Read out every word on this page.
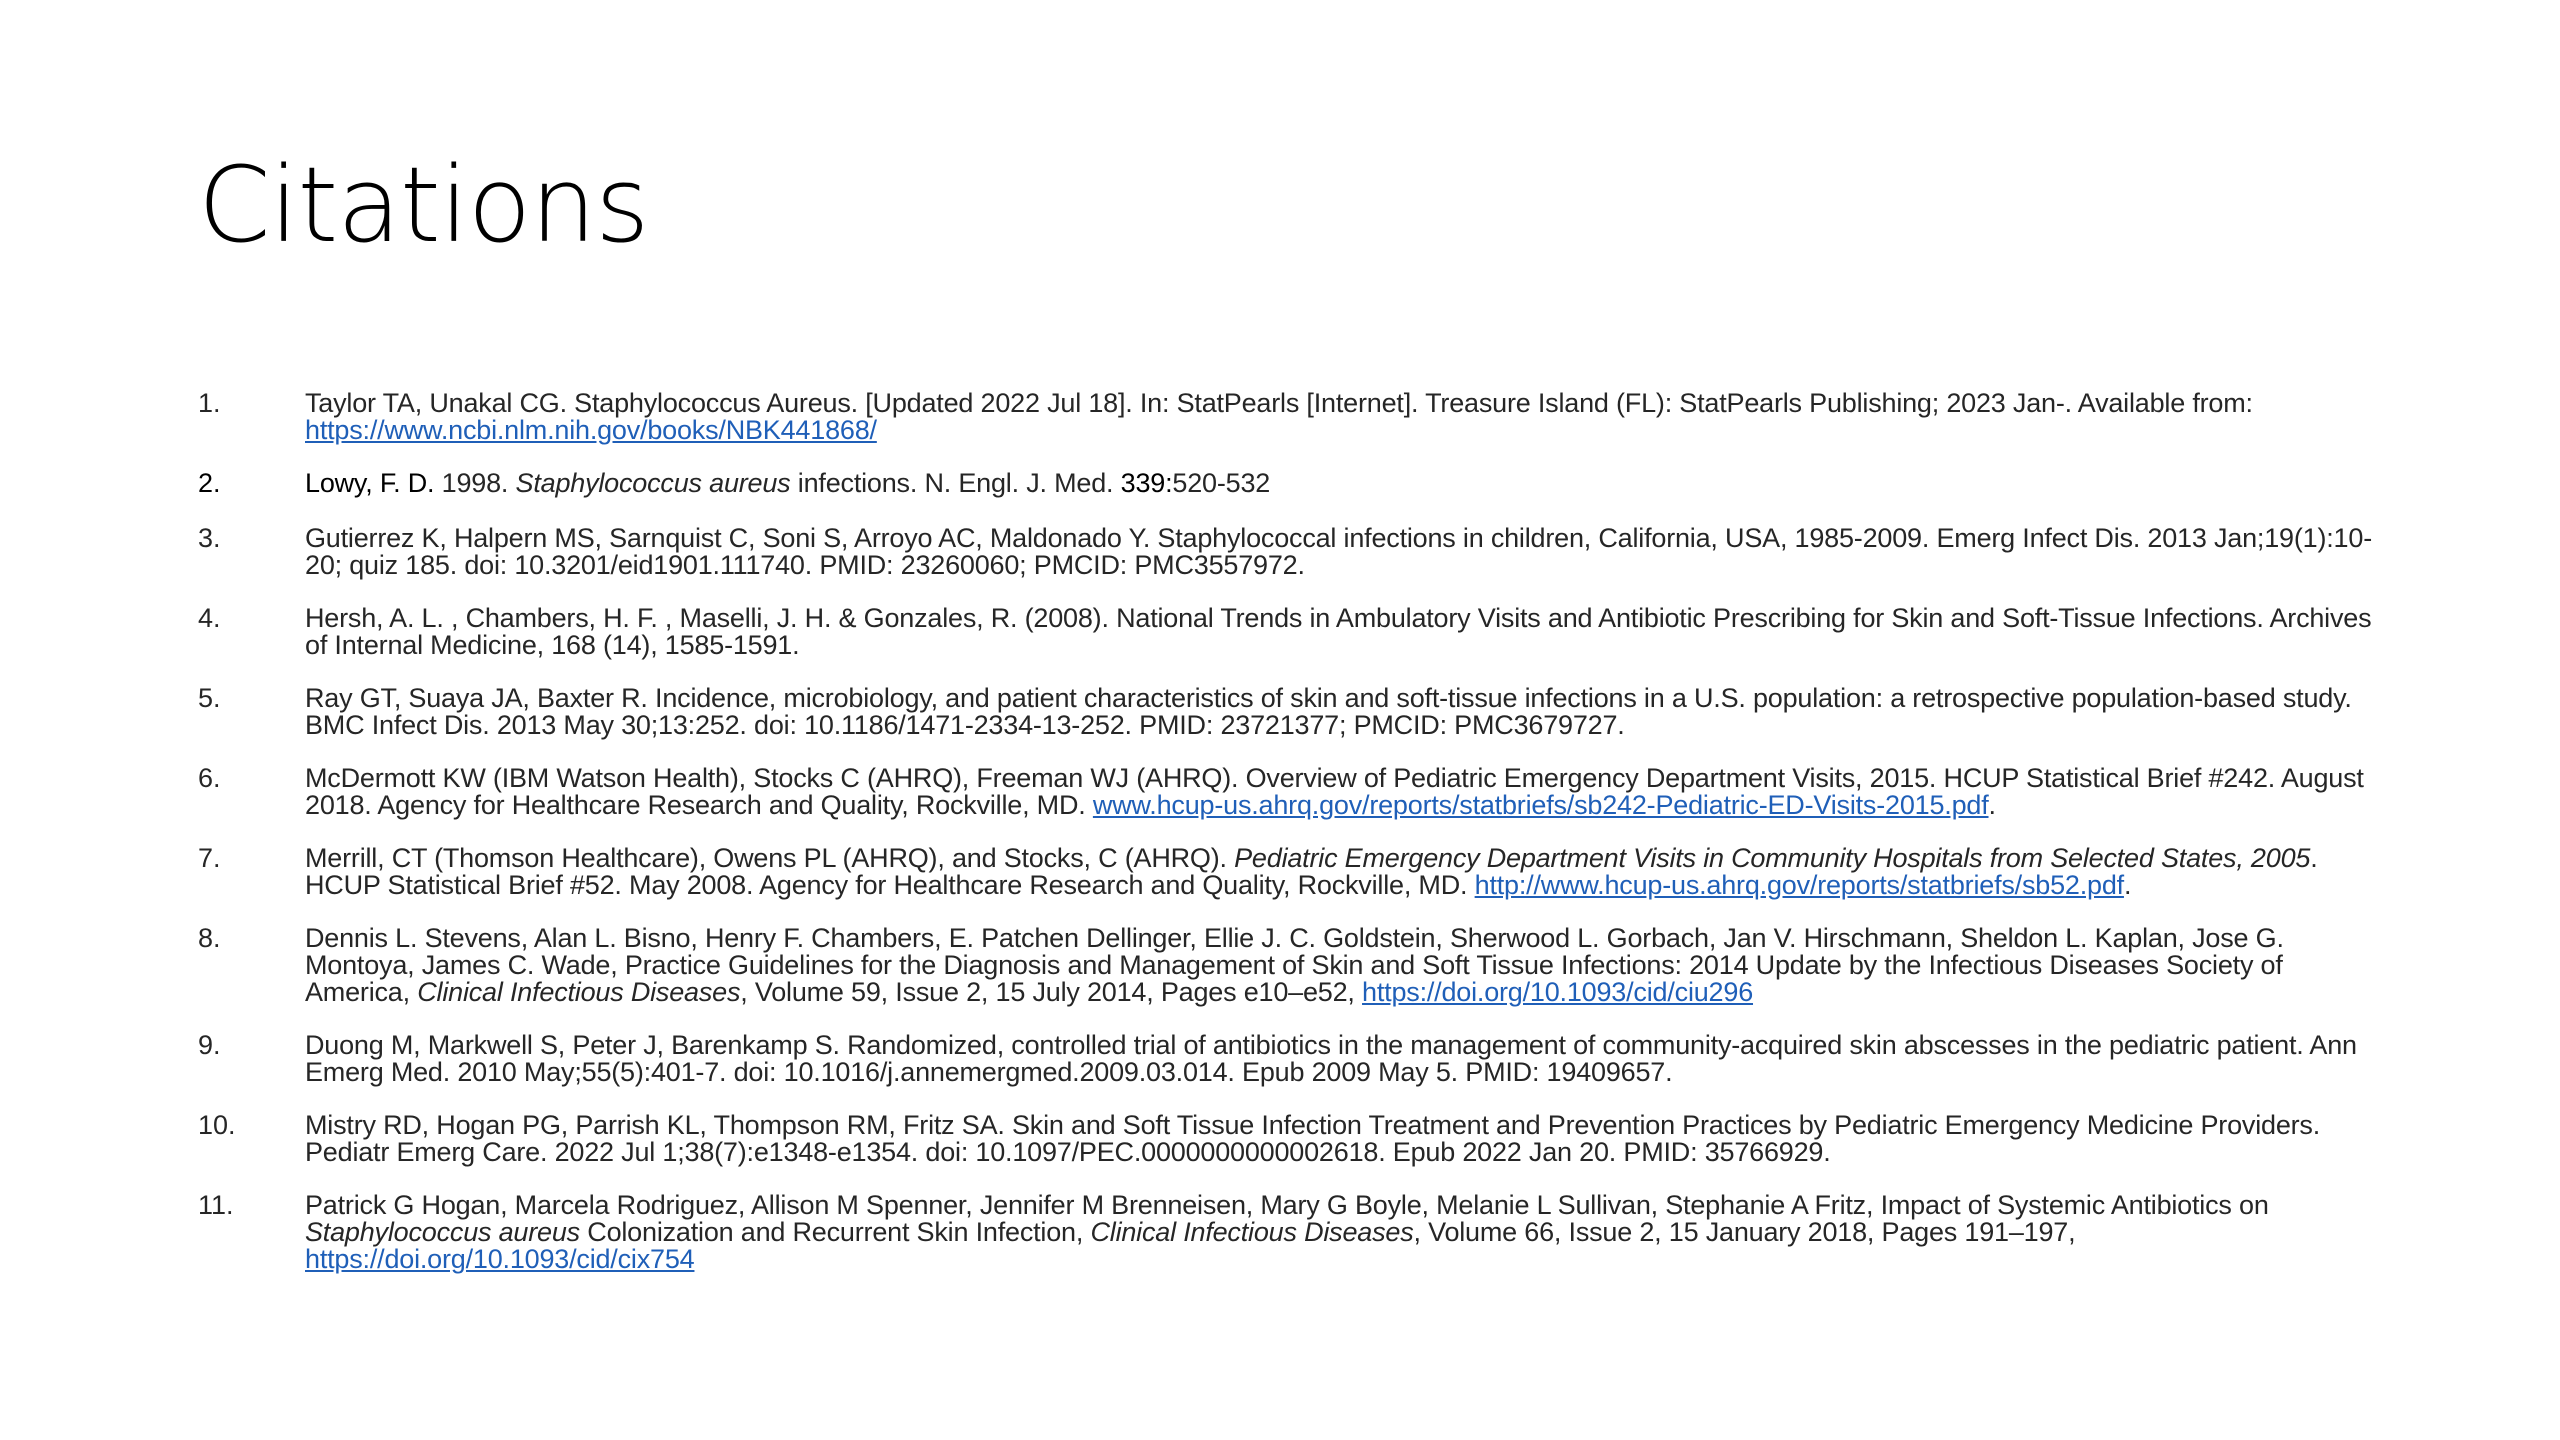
Citations
1.	Taylor TA, Unakal CG. Staphylococcus Aureus. [Updated 2022 Jul 18]. In: StatPearls [Internet]. Treasure Island (FL): StatPearls Publishing; 2023 Jan-. Available from: https://www.ncbi.nlm.nih.gov/books/NBK441868/
2.	Lowy, F. D. 1998. Staphylococcus aureus infections. N. Engl. J. Med. 339:520-532
3.	Gutierrez K, Halpern MS, Sarnquist C, Soni S, Arroyo AC, Maldonado Y. Staphylococcal infections in children, California, USA, 1985-2009. Emerg Infect Dis. 2013 Jan;19(1):10-20; quiz 185. doi: 10.3201/eid1901.111740. PMID: 23260060; PMCID: PMC3557972.
4.	Hersh, A. L. , Chambers, H. F. , Maselli, J. H. & Gonzales, R. (2008). National Trends in Ambulatory Visits and Antibiotic Prescribing for Skin and Soft-Tissue Infections. Archives of Internal Medicine, 168 (14), 1585-1591.
5.	Ray GT, Suaya JA, Baxter R. Incidence, microbiology, and patient characteristics of skin and soft-tissue infections in a U.S. population: a retrospective population-based study. BMC Infect Dis. 2013 May 30;13:252. doi: 10.1186/1471-2334-13-252. PMID: 23721377; PMCID: PMC3679727.
6.	McDermott KW (IBM Watson Health), Stocks C (AHRQ), Freeman WJ (AHRQ). Overview of Pediatric Emergency Department Visits, 2015. HCUP Statistical Brief #242. August 2018. Agency for Healthcare Research and Quality, Rockville, MD. www.hcup-us.ahrq.gov/reports/statbriefs/sb242-Pediatric-ED-Visits-2015.pdf.
7.	Merrill, CT (Thomson Healthcare), Owens PL (AHRQ), and Stocks, C (AHRQ). Pediatric Emergency Department Visits in Community Hospitals from Selected States, 2005. HCUP Statistical Brief #52. May 2008. Agency for Healthcare Research and Quality, Rockville, MD. http://www.hcup-us.ahrq.gov/reports/statbriefs/sb52.pdf.
8.	Dennis L. Stevens, Alan L. Bisno, Henry F. Chambers, E. Patchen Dellinger, Ellie J. C. Goldstein, Sherwood L. Gorbach, Jan V. Hirschmann, Sheldon L. Kaplan, Jose G. Montoya, James C. Wade, Practice Guidelines for the Diagnosis and Management of Skin and Soft Tissue Infections: 2014 Update by the Infectious Diseases Society of America, Clinical Infectious Diseases, Volume 59, Issue 2, 15 July 2014, Pages e10–e52, https://doi.org/10.1093/cid/ciu296
9.	Duong M, Markwell S, Peter J, Barenkamp S. Randomized, controlled trial of antibiotics in the management of community-acquired skin abscesses in the pediatric patient. Ann Emerg Med. 2010 May;55(5):401-7. doi: 10.1016/j.annemergmed.2009.03.014. Epub 2009 May 5. PMID: 19409657.
10.	Mistry RD, Hogan PG, Parrish KL, Thompson RM, Fritz SA. Skin and Soft Tissue Infection Treatment and Prevention Practices by Pediatric Emergency Medicine Providers. Pediatr Emerg Care. 2022 Jul 1;38(7):e1348-e1354. doi: 10.1097/PEC.0000000000002618. Epub 2022 Jan 20. PMID: 35766929.
11.	Patrick G Hogan, Marcela Rodriguez, Allison M Spenner, Jennifer M Brenneisen, Mary G Boyle, Melanie L Sullivan, Stephanie A Fritz, Impact of Systemic Antibiotics on Staphylococcus aureus Colonization and Recurrent Skin Infection, Clinical Infectious Diseases, Volume 66, Issue 2, 15 January 2018, Pages 191–197, https://doi.org/10.1093/cid/cix754
